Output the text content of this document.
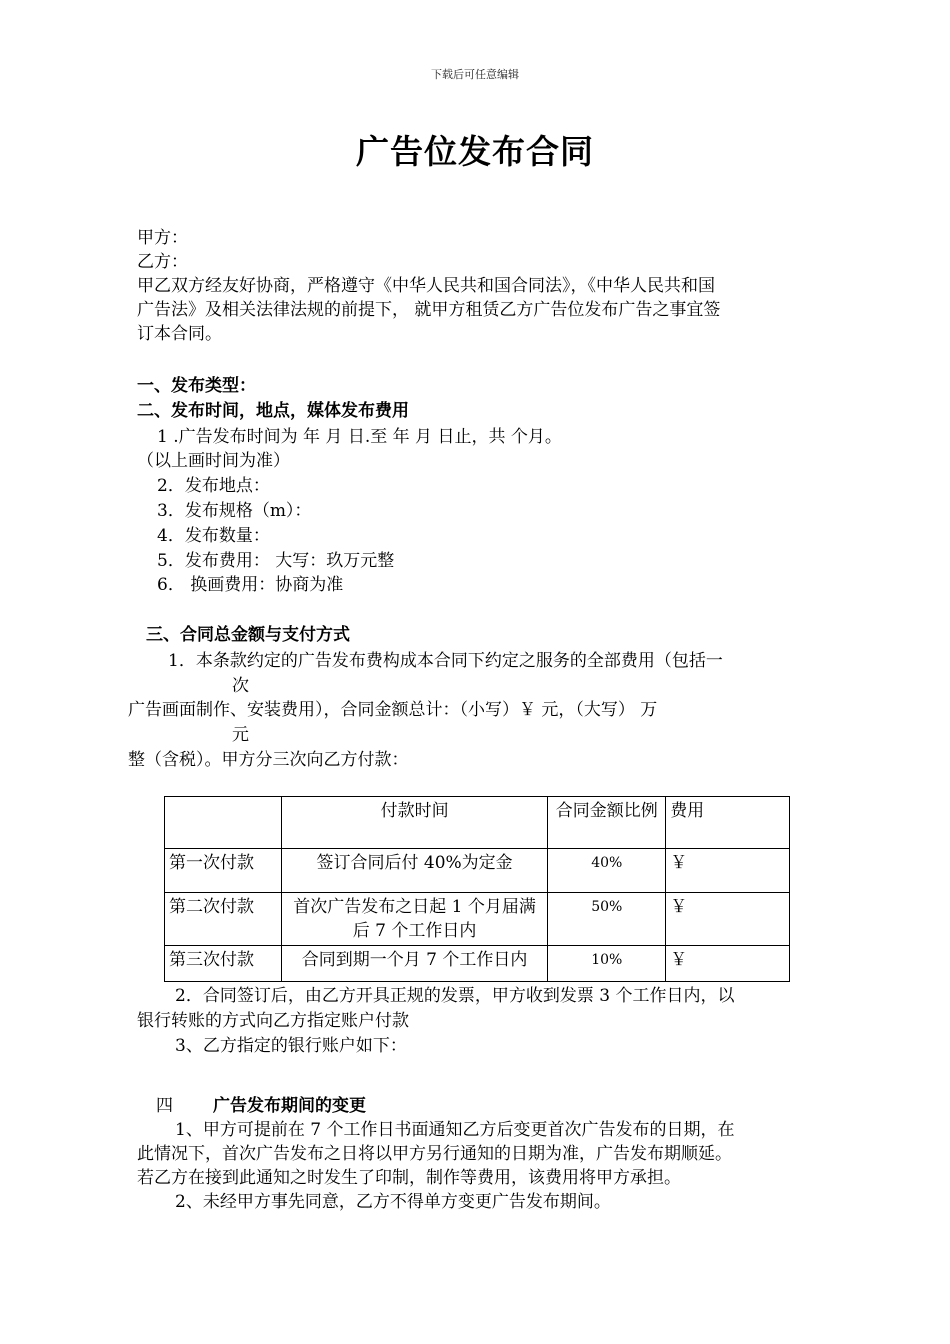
下载后可任意编辑
广告位发布合同
甲方：
乙方：
甲乙双方经友好协商，严格遵守《中华人民共和国合同法》，《中华人民共和国
广告法》及相关法律法规的前提下， 就甲方租赁乙方广告位发布广告之事宜签
订本合同。
一、发布类型：
二、发布时间，地点，媒体发布费用
1 .广告发布时间为 年 月 日.至 年 月 日止，共 个月。
（以上画时间为准）
2．发布地点：
3．发布规格（m）：
4．发布数量：
5．发布费用： 大写：玖万元整
6． 换画费用：协商为准
三、合同总金额与支付方式
1．本条款约定的广告发布费构成本合同下约定之服务的全部费用（包括一
次
广告画面制作、安装费用），合同金额总计：（小写）￥ 元，（大写） 万
元
整（含税）。甲方分三次向乙方付款：
	付款时间	合同金额比例	费用
第一次付款	签订合同后付 40%为定金	40%	￥
第二次付款	首次广告发布之日起 1 个月届满后 7 个工作日内	50%	￥
第三次付款	合同到期一个月 7 个工作日内	10%	￥
2．合同签订后，由乙方开具正规的发票，甲方收到发票 3 个工作日内，以
银行转账的方式向乙方指定账户付款
3、乙方指定的银行账户如下：
四 广告发布期间的变更
1、甲方可提前在 7 个工作日书面通知乙方后变更首次广告发布的日期，在
此情况下，首次广告发布之日将以甲方另行通知的日期为准，广告发布期顺延。
若乙方在接到此通知之时发生了印制，制作等费用，该费用将甲方承担。
2、未经甲方事先同意，乙方不得单方变更广告发布期间。
